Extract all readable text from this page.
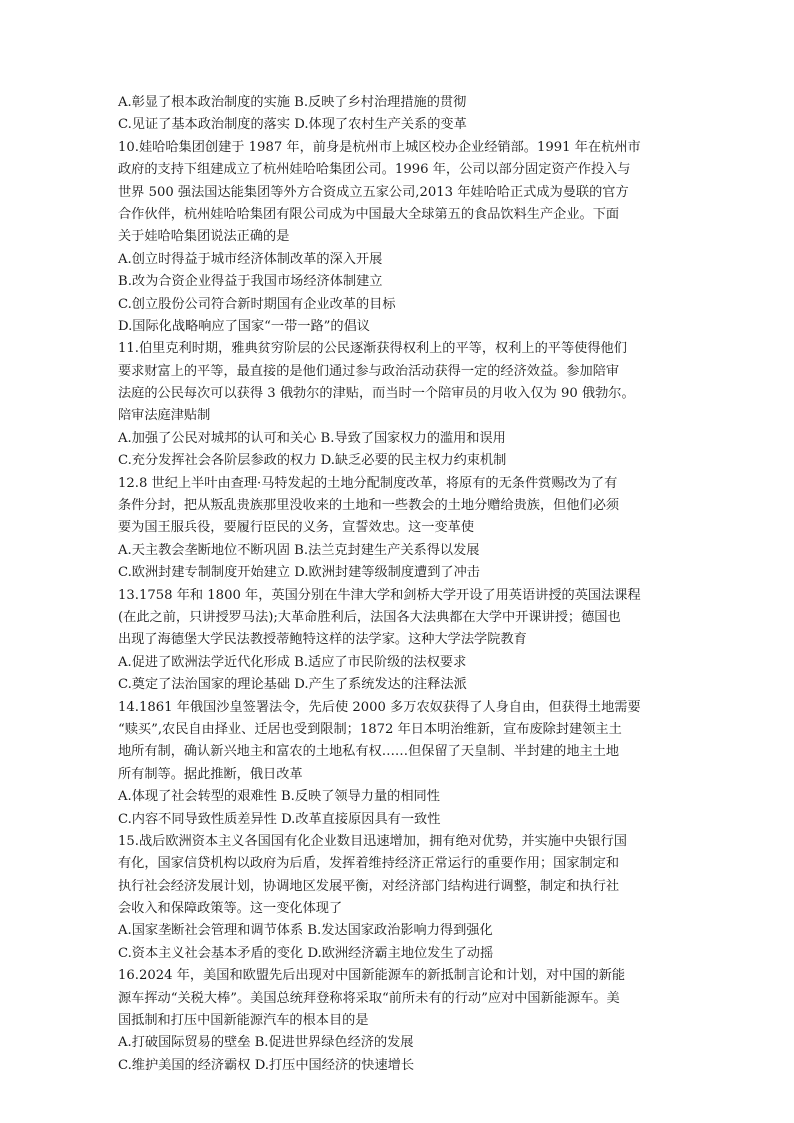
A.彰显了根本政治制度的实施 B.反映了乡村治理措施的贯彻
C.见证了基本政治制度的落实 D.体现了农村生产关系的变革
10.娃哈哈集团创建于 1987 年，前身是杭州市上城区校办企业经销部。1991 年在杭州市
政府的支持下组建成立了杭州娃哈哈集团公司。1996 年，公司以部分固定资产作投入与
世界 500 强法国达能集团等外方合资成立五家公司,2013 年娃哈哈正式成为曼联的官方
合作伙伴，杭州娃哈哈集团有限公司成为中国最大全球第五的食品饮料生产企业。下面
关于娃哈哈集团说法正确的是
A.创立时得益于城市经济体制改革的深入开展
B.改为合资企业得益于我国市场经济体制建立
C.创立股份公司符合新时期国有企业改革的目标
D.国际化战略响应了国家“一带一路”的倡议
11.伯里克利时期，雅典贫穷阶层的公民逐渐获得权利上的平等，权利上的平等使得他们
要求财富上的平等，最直接的是他们通过参与政治活动获得一定的经济效益。参加陪审
法庭的公民每次可以获得 3 俄勃尔的津贴，而当时一个陪审员的月收入仅为 90 俄勃尔。
陪审法庭津贴制
A.加强了公民对城邦的认可和关心 B.导致了国家权力的滥用和误用
C.充分发挥社会各阶层参政的权力 D.缺乏必要的民主权力约束机制
12.8 世纪上半叶由查理·马特发起的土地分配制度改革，将原有的无条件赏赐改为了有
条件分封，把从叛乱贵族那里没收来的土地和一些教会的土地分赠给贵族，但他们必须
要为国王服兵役，要履行臣民的义务，宣誓效忠。这一变革使
A.天主教会垄断地位不断巩固 B.法兰克封建生产关系得以发展
C.欧洲封建专制制度开始建立 D.欧洲封建等级制度遭到了冲击
13.1758 年和 1800 年，英国分别在牛津大学和剑桥大学开设了用英语讲授的英国法课程
(在此之前，只讲授罗马法);大革命胜利后，法国各大法典都在大学中开课讲授；德国也
出现了海德堡大学民法教授蒂鲍特这样的法学家。这种大学法学院教育
A.促进了欧洲法学近代化形成 B.适应了市民阶级的法权要求
C.奠定了法治国家的理论基础 D.产生了系统发达的注释法派
14.1861 年俄国沙皇签署法令，先后使 2000 多万农奴获得了人身自由，但获得土地需要
“赎买”,农民自由择业、迁居也受到限制；1872 年日本明治维新，宣布废除封建领主土
地所有制，确认新兴地主和富农的土地私有权……但保留了天皇制、半封建的地主土地
所有制等。据此推断，俄日改革
A.体现了社会转型的艰难性 B.反映了领导力量的相同性
C.内容不同导致性质差异性 D.改革直接原因具有一致性
15.战后欧洲资本主义各国国有化企业数目迅速增加，拥有绝对优势，并实施中央银行国
有化，国家信贷机构以政府为后盾，发挥着维持经济正常运行的重要作用；国家制定和
执行社会经济发展计划，协调地区发展平衡，对经济部门结构进行调整，制定和执行社
会收入和保障政策等。这一变化体现了
A.国家垄断社会管理和调节体系 B.发达国家政治影响力得到强化
C.资本主义社会基本矛盾的变化 D.欧洲经济霸主地位发生了动摇
16.2024 年，美国和欧盟先后出现对中国新能源车的新抵制言论和计划，对中国的新能
源车挥动“关税大棒”。美国总统拜登称将采取“前所未有的行动”应对中国新能源车。美
国抵制和打压中国新能源汽车的根本目的是
A.打破国际贸易的壁垒 B.促进世界绿色经济的发展
C.维护美国的经济霸权 D.打压中国经济的快速增长
